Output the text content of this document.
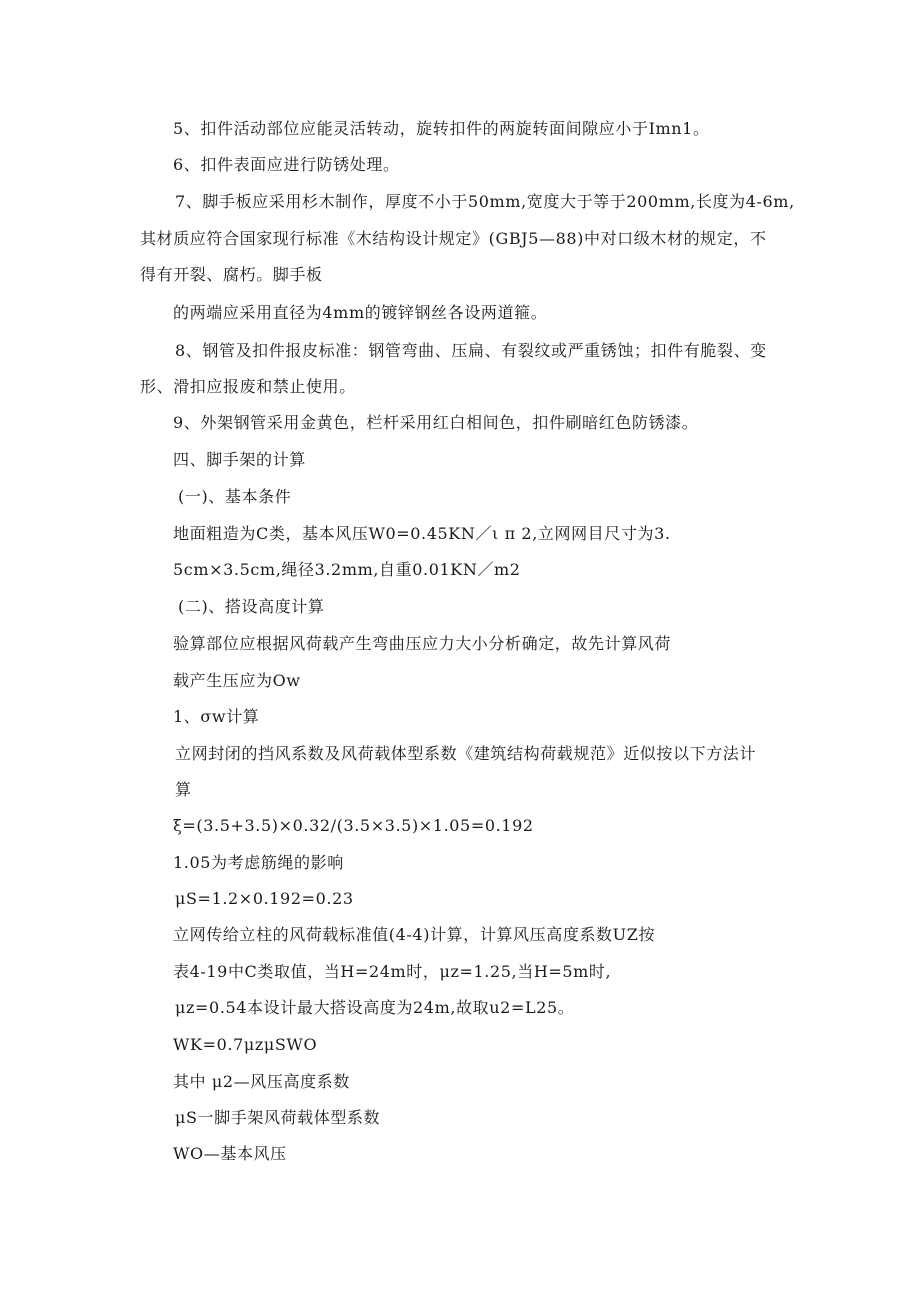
5、扣件活动部位应能灵活转动，旋转扣件的两旋转面间隙应小于Imn1。
6、扣件表面应进行防锈处理。
7、脚手板应采用杉木制作，厚度不小于50mm,宽度大于等于200mm,长度为4-6m,
其材质应符合国家现行标准《木结构设计规定》(GBJ5—88)中对口级木材的规定，不
得有开裂、腐朽。脚手板
的两端应采用直径为4mm的镀锌钢丝各设两道箍。
8、钢管及扣件报皮标准：钢管弯曲、压扁、有裂纹或严重锈蚀；扣件有脆裂、变
形、滑扣应报废和禁止使用。
9、外架钢管采用金黄色，栏杆采用红白相间色，扣件刷暗红色防锈漆。
四、脚手架的计算
(一)、基本条件
地面粗造为C类，基本风压W0=0.45KN／ι π 2,立网网目尺寸为3.
5cm×3.5cm,绳径3.2mm,自重0.01KN／m2
(二)、搭设高度计算
验算部位应根据风荷载产生弯曲压应力大小分析确定，故先计算风荷
载产生压应为Ow
1、σw计算
立网封闭的挡风系数及风荷载体型系数《建筑结构荷载规范》近似按以下方法计
算
ξ=(3.5+3.5)×0.32/(3.5×3.5)×1.05=0.192
1.05为考虑筋绳的影响
μS=1.2×0.192=0.23
立网传给立柱的风荷载标准值(4-4)计算，计算风压高度系数UZ按
表4-19中C类取值，当H=24m时，μz=1.25,当H=5m时,
μz=0.54本设计最大搭设高度为24m,故取u2=L25。
WK=0.7μzμSWO
其中 μ2—风压高度系数
μS一脚手架风荷载体型系数
WO—基本风压
